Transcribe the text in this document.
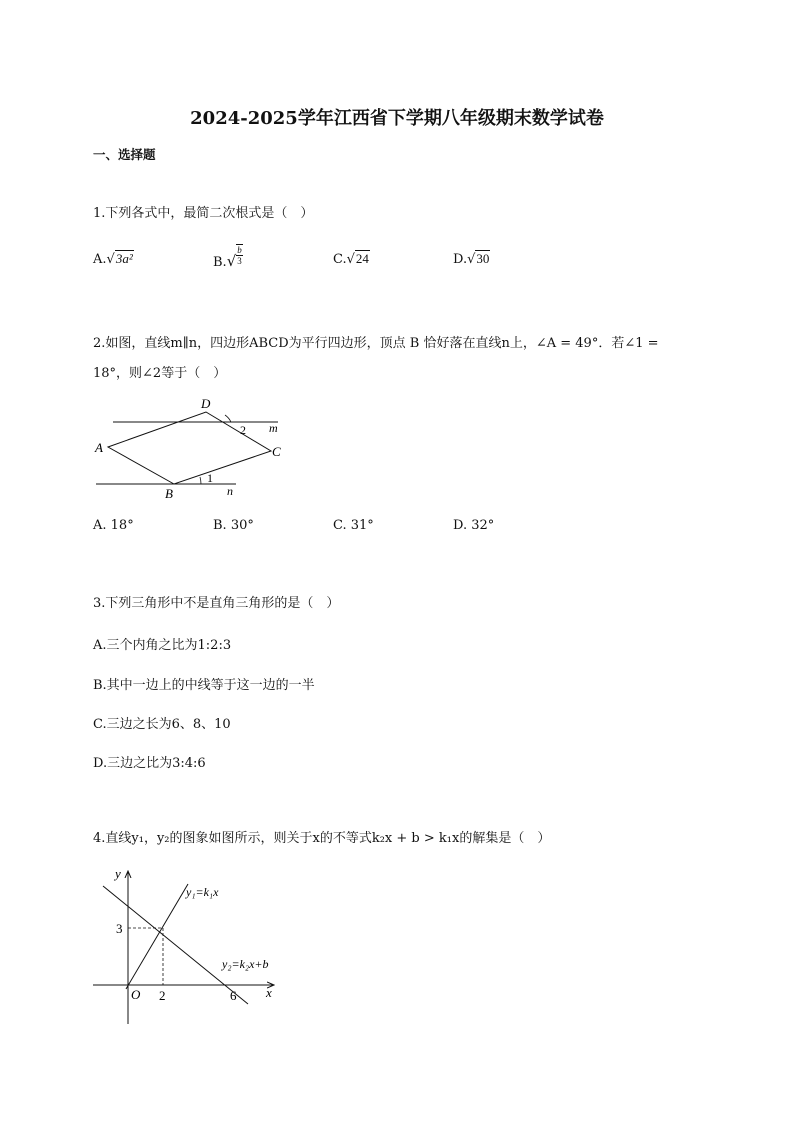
2024-2025学年江西省下学期八年级期末数学试卷
一、选择题
1.下列各式中，最简二次根式是（　）
A.√3a²	$B.√ \frac{b}{3}$	C.√24	D.√30
2.如图，直线m∥n，四边形ABCD为平行四边形，顶点 B 恰好落在直线n上，∠A = 49°．若∠1 =
18°，则∠2等于（　）
D
A
B
C
m
n
1
2
A. 18°	B. 30°	C. 31°	D. 32°
3.下列三角形中不是直角三角形的是（　）
A.三个内角之比为1:2:3
B.其中一边上的中线等于这一边的一半
C.三边之长为6、8、10
D.三边之比为3:4:6
4.直线y₁，y₂的图象如图所示，则关于x的不等式k₂x + b > k₁x的解集是（　）
y
x
O
3
2	6
y₁=k₁x
y₂=k₂x+b
